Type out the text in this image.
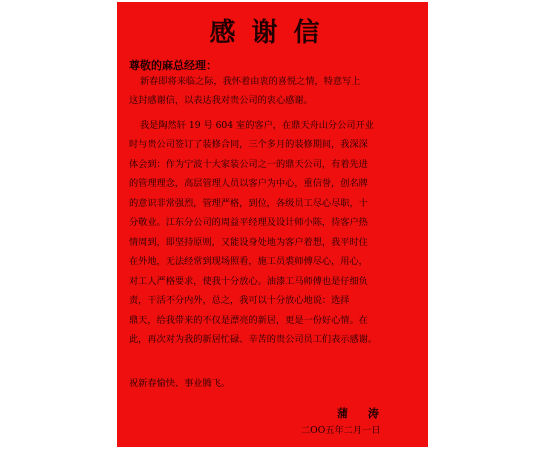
感谢信
尊敬的麻总经理：
新春即将来临之际，我怀着由衷的喜悦之情，特意写上
这封感谢信，以表达我对贵公司的衷心感谢。
我是陶然轩 19 号 604 室的客户，在鼎天舟山分公司开业
时与贵公司签订了装修合同，三个多月的装修期间，我深深
体会到：作为宁波十大家装公司之一的鼎天公司，有着先进
的管理理念，高层管理人员以客户为中心，重信誉，创名牌
的意识非常强烈，管理严格，到位，各级员工尽心尽职，十
分敬业。江东分公司的周益平经理及设计师小陈，待客户热
情周到，即坚持原则，又能设身处地为客户着想，我平时住
在外地，无法经常到现场照看，施工员裘师傅尽心，用心，
对工人严格要求，使我十分放心。油漆工马师傅也是仔细负
责，干活不分内外，总之，我可以十分放心地说：选择
鼎天，给我带来的不仅是漂亮的新居，更是一份好心情。在
此，再次对为我的新居忙碌、辛苦的贵公司员工们表示感谢。
祝新春愉快、事业腾飞。
蒲 涛
二OO五年二月一日
